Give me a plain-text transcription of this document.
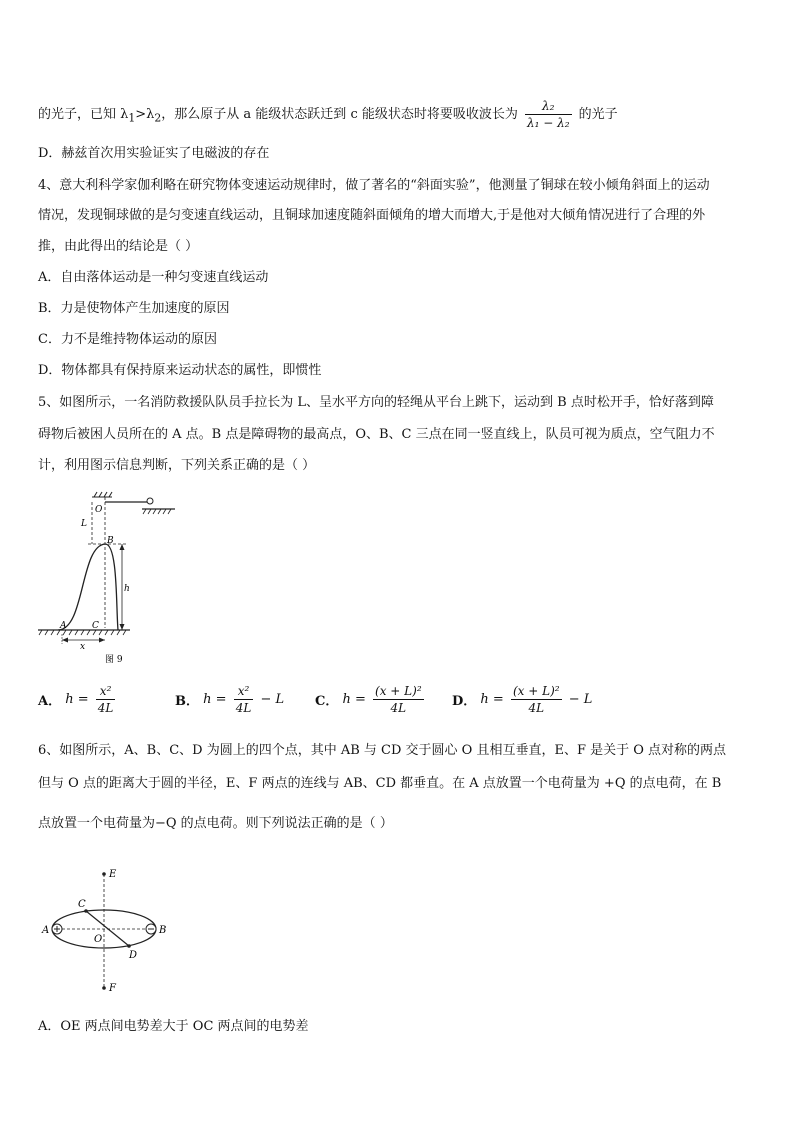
的光子，已知 $\lambda_1>\lambda_2$，那么原子从 a 能级状态跃迁到 c 能级状态时将要吸收波长为 $\frac{\text{λ₂}}{\text{λ₁ − λ₂}}$ 的光子
D．赫兹首次用实验证实了电磁波的存在
4、意大利科学家伽利略在研究物体变速运动规律时，做了著名的“斜面实验”，他测量了铜球在较小倾角斜面上的运动
情况，发现铜球做的是匀变速直线运动，且铜球加速度随斜面倾角的增大而增大,于是他对大倾角情况进行了合理的外
推，由此得出的结论是（ ）
A．自由落体运动是一种匀变速直线运动
B．力是使物体产生加速度的原因
C．力不是维持物体运动的原因
D．物体都具有保持原来运动状态的属性，即惯性
5、如图所示，一名消防救援队队员手拉长为 L、呈水平方向的轻绳从平台上跳下，运动到 B 点时松开手，恰好落到障
碍物后被困人员所在的 A 点。B 点是障碍物的最高点，O、B、C 三点在同一竖直线上，队员可视为质点，空气阻力不
计，利用图示信息判断，下列关系正确的是（ ）
O
L
B
h
A	C
x
图 9
A． $h = \frac{\text{x²}}{4L}$	B． $h = \frac{\text{x²}}{4L} - L$ C． $h = \frac{\text{(x + L)²}}{4L}$ D． $h = \frac{\text{(x + L)²}}{4L} - L$
6、如图所示，A、B、C、D 为圆上的四个点，其中 AB 与 CD 交于圆心 O 且相互垂直，E、F 是关于 O 点对称的两点
但与 O 点的距离大于圆的半径，E、F 两点的连线与 AB、CD 都垂直。在 A 点放置一个电荷量为 +Q 的点电荷，在 B
点放置一个电荷量为−Q 的点电荷。则下列说法正确的是（ ）
E
C
A
O
B
D
F
A．OE 两点间电势差大于 OC 两点间的电势差
